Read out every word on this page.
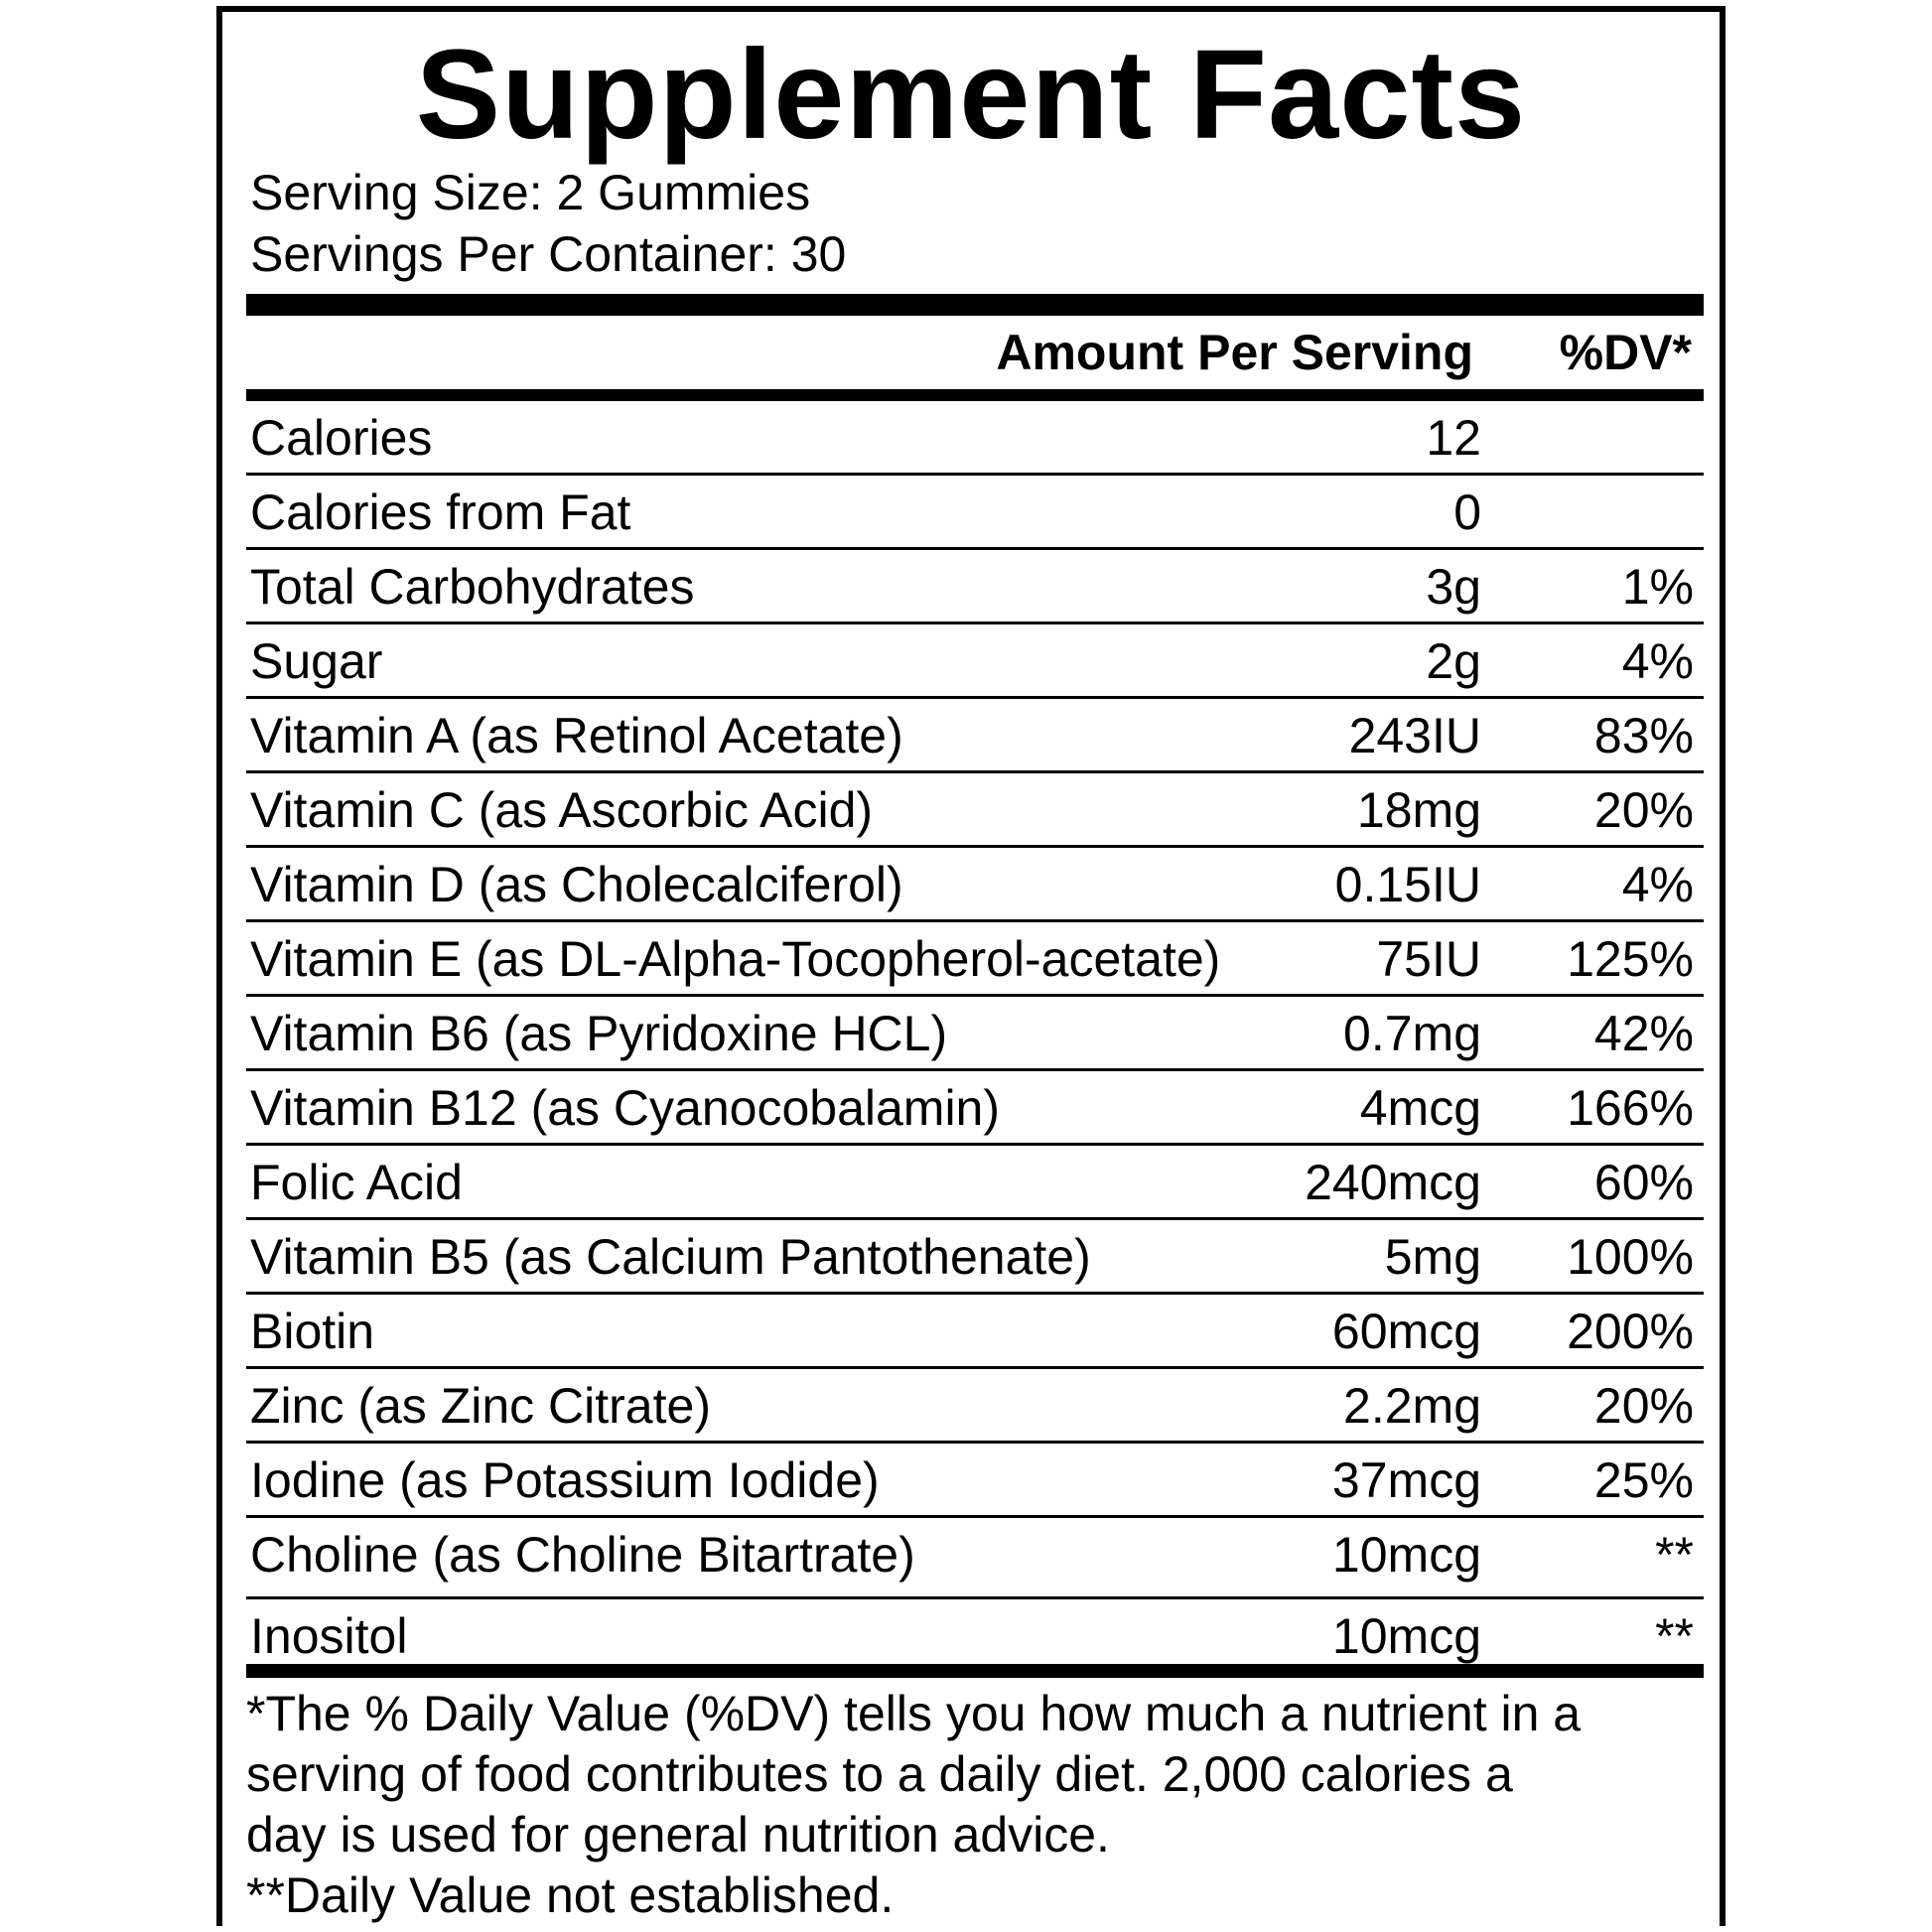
Supplement Facts
Serving Size: 2 Gummies
Servings Per Container: 30
Amount Per Serving %DV*
Calories	12
Calories from Fat	0
Total Carbohydrates	3g	1%
Sugar	2g	4%
Vitamin A (as Retinol Acetate)	243IU 83%
Vitamin C (as Ascorbic Acid)	18mg 20%
Vitamin D (as Cholecalciferol)	0.15IU	4%
Vitamin E (as DL-Alpha-Tocopherol-acetate)	75IU 125%
Vitamin B6 (as Pyridoxine HCL)	0.7mg 42%
Vitamin B12 (as Cyanocobalamin)	4mcg 166%
Folic Acid	240mcg 60%
Vitamin B5 (as Calcium Pantothenate)	5mg 100%
Biotin	60mcg 200%
Zinc (as Zinc Citrate)	2.2mg 20%
Iodine (as Potassium Iodide)	37mcg 25%
Choline (as Choline Bitartrate)	10mcg	**
Inositol	10mcg	**
*The % Daily Value (%DV) tells you how much a nutrient in a
serving of food contributes to a daily diet. 2,000 calories a
day is used for general nutrition advice.
**Daily Value not established.
